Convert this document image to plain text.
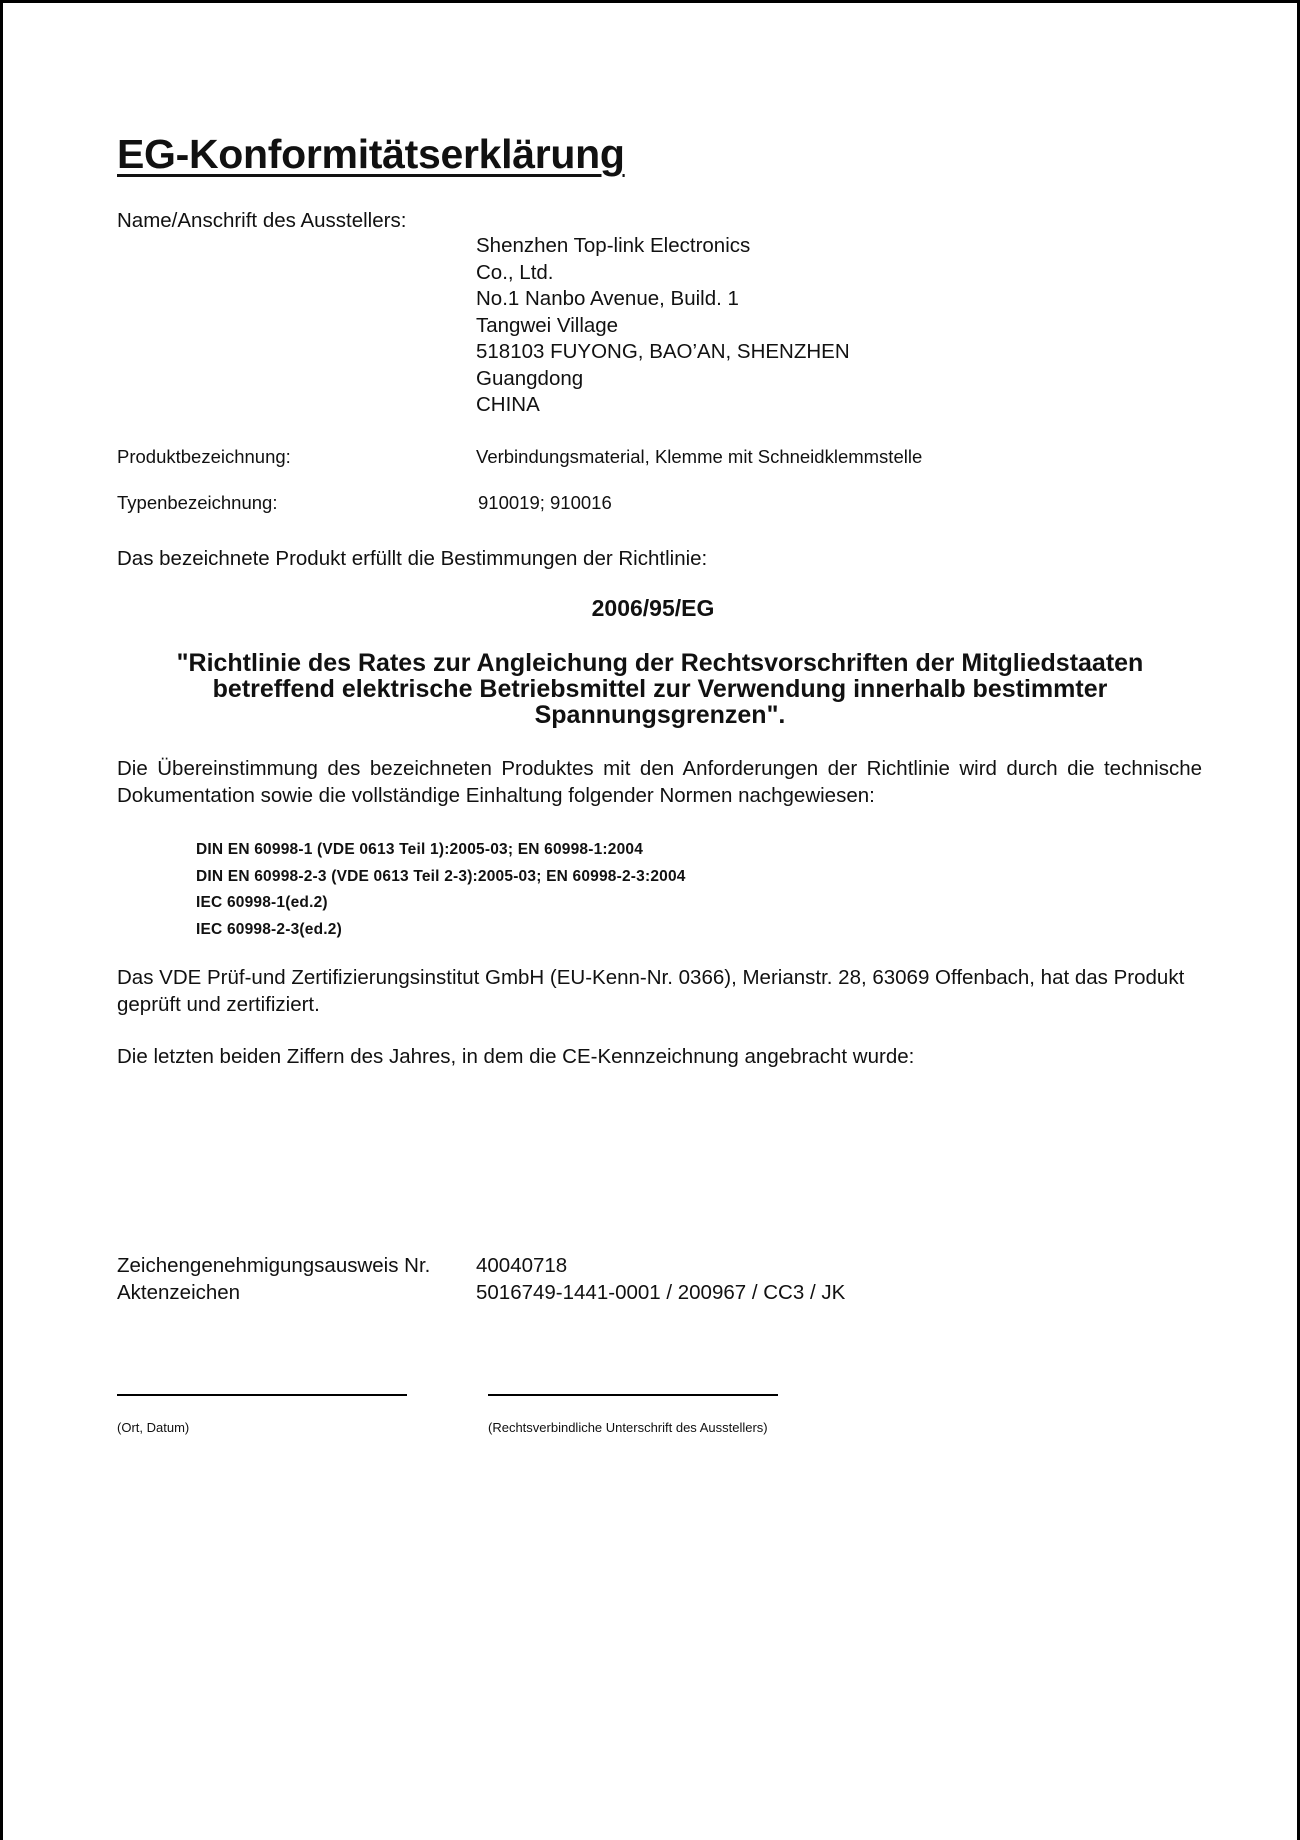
EG-Konformitätserklärung
Name/Anschrift des Ausstellers:
Shenzhen Top-link Electronics
Co., Ltd.
No.1 Nanbo Avenue, Build. 1
Tangwei Village
518103 FUYONG, BAO’AN, SHENZHEN
Guangdong
CHINA
Produktbezeichnung:	Verbindungsmaterial, Klemme mit Schneidklemmstelle
Typenbezeichnung:	910019; 910016
Das bezeichnete Produkt erfüllt die Bestimmungen der Richtlinie:
2006/95/EG
"Richtlinie des Rates zur Angleichung der Rechtsvorschriften der Mitgliedstaaten
betreffend elektrische Betriebsmittel zur Verwendung innerhalb bestimmter
Spannungsgrenzen".
Die Übereinstimmung des bezeichneten Produktes mit den Anforderungen der Richtlinie wird durch die technische Dokumentation sowie die vollständige Einhaltung folgender Normen nachgewiesen:
DIN EN 60998-1 (VDE 0613 Teil 1):2005-03; EN 60998-1:2004
DIN EN 60998-2-3 (VDE 0613 Teil 2-3):2005-03; EN 60998-2-3:2004
IEC 60998-1(ed.2)
IEC 60998-2-3(ed.2)
Das VDE Prüf-und Zertifizierungsinstitut GmbH (EU-Kenn-Nr. 0366), Merianstr. 28, 63069 Offenbach, hat das Produkt geprüft und zertifiziert.
Die letzten beiden Ziffern des Jahres, in dem die CE-Kennzeichnung angebracht wurde:
Zeichengenehmigungsausweis Nr. 40040718
Aktenzeichen	5016749-1441-0001 / 200967 / CC3 / JK
(Ort, Datum)	(Rechtsverbindliche Unterschrift des Ausstellers)
